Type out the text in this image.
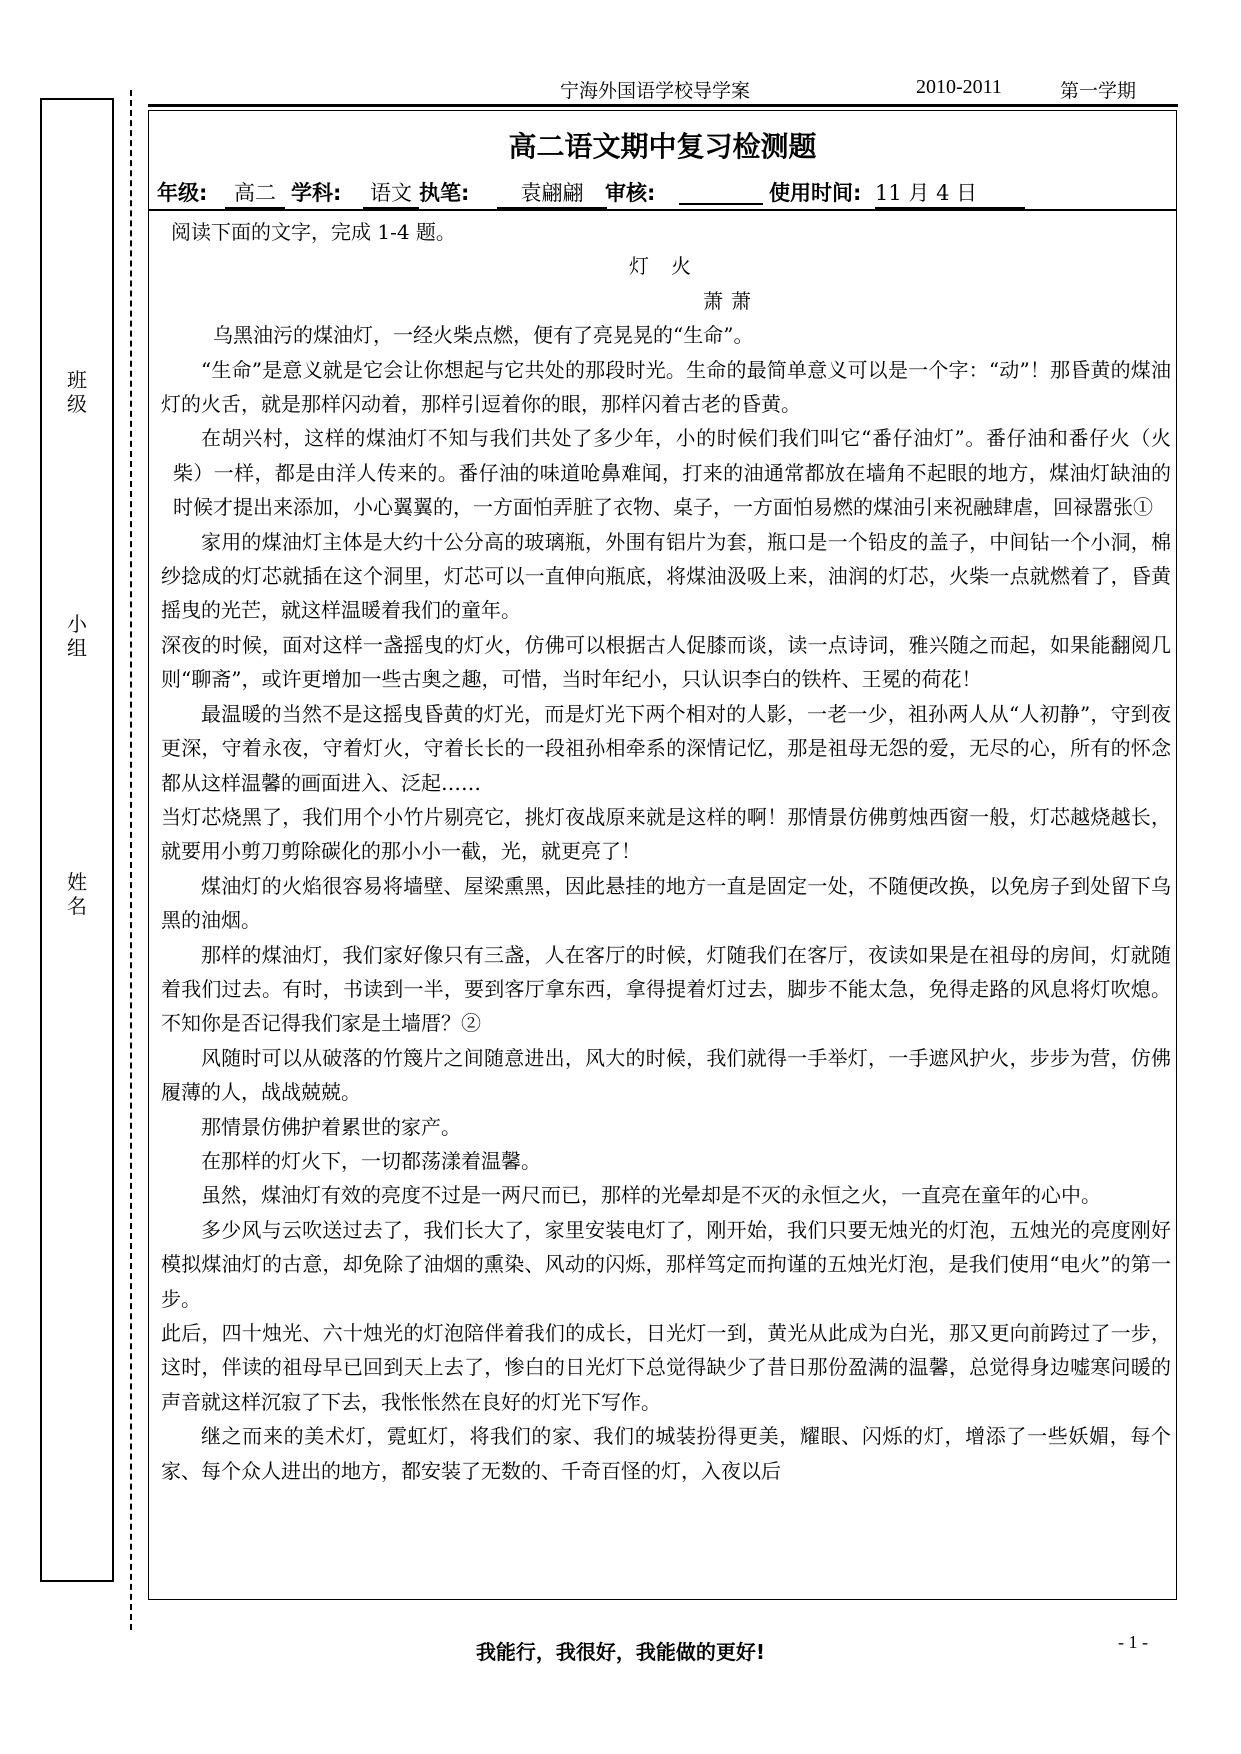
宁海外国语学校导学案	2010-2011	第一学期
班
级
小
组
姓
名
高二语文期中复习检测题
年级:	高二 学科:	语文 执笔:	袁翩翩	审核:	使用时间: 11 月 4 日

阅读下面的文字，完成 1-4 题。

灯火

萧萧

乌黑油污的煤油灯，一经火柴点燃，便有了亮晃晃的“生命”。

“生命”是意义就是它会让你想起与它共处的那段时光。生命的最简单意义可以是一个字：“动”！那昏黄的煤油灯的火舌，就是那样闪动着，那样引逗着你的眼，那样闪着古老的昏黄。

在胡兴村，这样的煤油灯不知与我们共处了多少年，小的时候们我们叫它“番仔油灯”。番仔油和番仔火（火柴）一样，都是由洋人传来的。番仔油的味道呛鼻难闻，打来的油通常都放在墙角不起眼的地方，煤油灯缺油的时候才提出来添加，小心翼翼的，一方面怕弄脏了衣物、桌子，一方面怕易燃的煤油引来祝融肆虐，回禄嚣张①

家用的煤油灯主体是大约十公分高的玻璃瓶，外围有铝片为套，瓶口是一个铅皮的盖子，中间钻一个小洞，棉纱捻成的灯芯就插在这个洞里，灯芯可以一直伸向瓶底，将煤油汲吸上来，油润的灯芯，火柴一点就燃着了，昏黄摇曳的光芒，就这样温暖着我们的童年。

深夜的时候，面对这样一盏摇曳的灯火，仿佛可以根据古人促膝而谈，读一点诗词，雅兴随之而起，如果能翻阅几则“聊斋”，或许更增加一些古奥之趣，可惜，当时年纪小，只认识李白的铁杵、王冕的荷花！

最温暖的当然不是这摇曳昏黄的灯光，而是灯光下两个相对的人影，一老一少，祖孙两人从“人初静”，守到夜更深，守着永夜，守着灯火，守着长长的一段祖孙相牵系的深情记忆，那是祖母无怨的爱，无尽的心，所有的怀念都从这样温馨的画面进入、泛起……

当灯芯烧黑了，我们用个小竹片剔亮它，挑灯夜战原来就是这样的啊！那情景仿佛剪烛西窗一般，灯芯越烧越长，就要用小剪刀剪除碳化的那小小一截，光，就更亮了！

煤油灯的火焰很容易将墙壁、屋梁熏黑，因此悬挂的地方一直是固定一处，不随便改换，以免房子到处留下乌黑的油烟。

那样的煤油灯，我们家好像只有三盏，人在客厅的时候，灯随我们在客厅，夜读如果是在祖母的房间，灯就随着我们过去。有时，书读到一半，要到客厅拿东西，拿得提着灯过去，脚步不能太急，免得走路的风息将灯吹熄。不知你是否记得我们家是土墙厝？②

风随时可以从破落的竹篾片之间随意进出，风大的时候，我们就得一手举灯，一手遮风护火，步步为营，仿佛履薄的人，战战兢兢。

那情景仿佛护着累世的家产。

在那样的灯火下，一切都荡漾着温馨。

虽然，煤油灯有效的亮度不过是一两尺而已，那样的光晕却是不灭的永恒之火，一直亮在童年的心中。

多少风与云吹送过去了，我们长大了，家里安装电灯了，刚开始，我们只要无烛光的灯泡，五烛光的亮度刚好模拟煤油灯的古意，却免除了油烟的熏染、风动的闪烁，那样笃定而拘谨的五烛光灯泡，是我们使用“电火”的第一步。

此后，四十烛光、六十烛光的灯泡陪伴着我们的成长，日光灯一到，黄光从此成为白光，那又更向前跨过了一步，这时，伴读的祖母早已回到天上去了，惨白的日光灯下总觉得缺少了昔日那份盈满的温馨，总觉得身边嘘寒问暖的声音就这样沉寂了下去，我怅怅然在良好的灯光下写作。

继之而来的美术灯，霓虹灯，将我们的家、我们的城装扮得更美，耀眼、闪烁的灯，增添了一些妖媚，每个家、每个众人进出的地方，都安装了无数的、千奇百怪的灯，入夜以后

我能行，我很好，我能做的更好!	- 1 -
